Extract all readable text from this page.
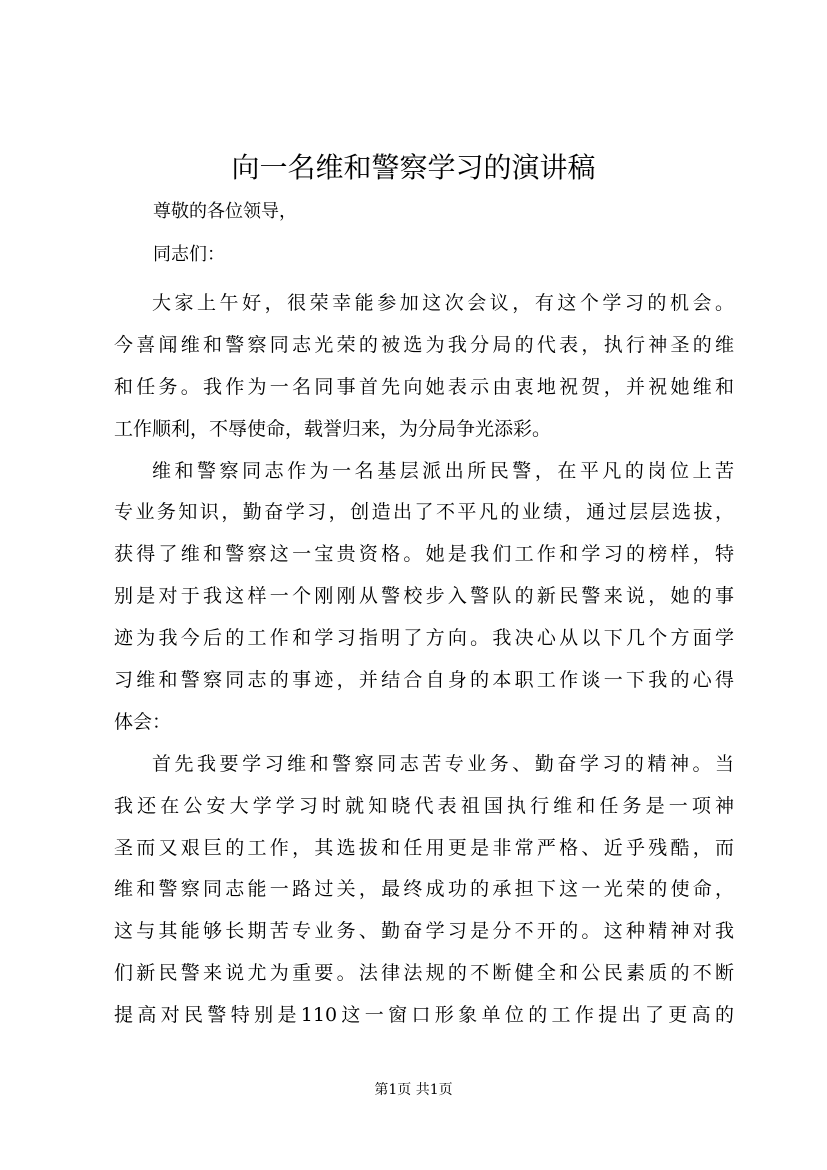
向一名维和警察学习的演讲稿
尊敬的各位领导，
同志们：
大家上午好，很荣幸能参加这次会议，有这个学习的机会。
今喜闻维和警察同志光荣的被选为我分局的代表，执行神圣的维
和任务。我作为一名同事首先向她表示由衷地祝贺，并祝她维和
工作顺利，不辱使命，载誉归来，为分局争光添彩。
维和警察同志作为一名基层派出所民警，在平凡的岗位上苦
专业务知识，勤奋学习，创造出了不平凡的业绩，通过层层选拔，
获得了维和警察这一宝贵资格。她是我们工作和学习的榜样，特
别是对于我这样一个刚刚从警校步入警队的新民警来说，她的事
迹为我今后的工作和学习指明了方向。我决心从以下几个方面学
习维和警察同志的事迹，并结合自身的本职工作谈一下我的心得
体会：
首先我要学习维和警察同志苦专业务、勤奋学习的精神。当
我还在公安大学学习时就知晓代表祖国执行维和任务是一项神
圣而又艰巨的工作，其选拔和任用更是非常严格、近乎残酷，而
维和警察同志能一路过关，最终成功的承担下这一光荣的使命，
这与其能够长期苦专业务、勤奋学习是分不开的。这种精神对我
们新民警来说尤为重要。法律法规的不断健全和公民素质的不断
提高对民警特别是110这一窗口形象单位的工作提出了更高的
第1页 共1页
